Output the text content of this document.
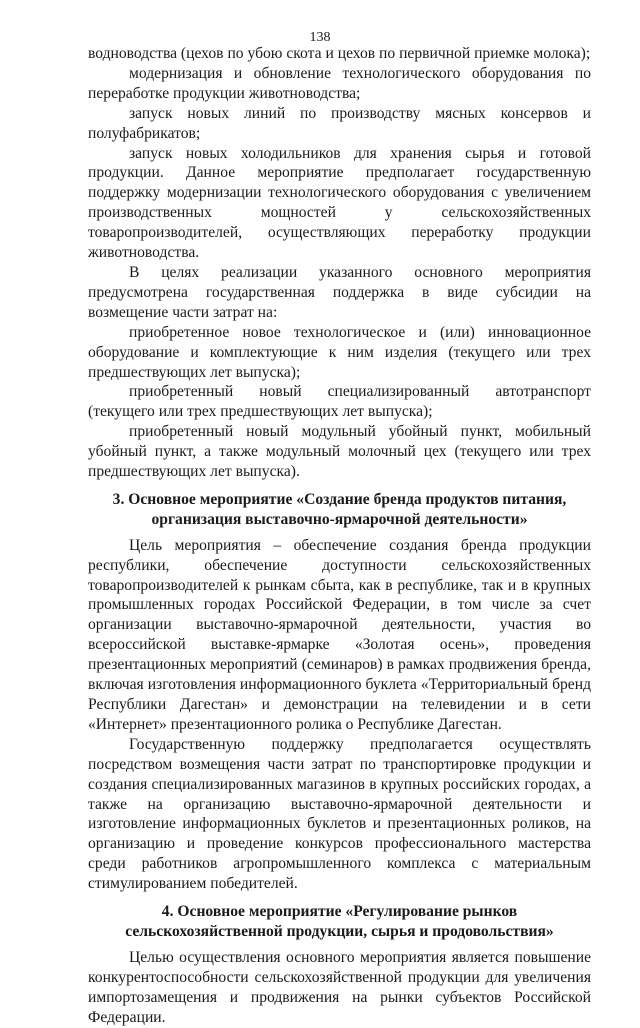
138

водноводства (цехов по убою скота и цехов по первичной приемке молока);

модернизация и обновление технологического оборудования по переработке продукции животноводства;

запуск новых линий по производству мясных консервов и полуфабрикатов;

запуск новых холодильников для хранения сырья и готовой продукции. Данное мероприятие предполагает государственную поддержку модернизации технологического оборудования с увеличением производственных мощностей у сельскохозяйственных товаропроизводителей, осуществляющих переработку продукции животноводства.

В целях реализации указанного основного мероприятия предусмотрена государственная поддержка в виде субсидии на возмещение части затрат на:

приобретенное новое технологическое и (или) инновационное оборудование и комплектующие к ним изделия (текущего или трех предшествующих лет выпуска);

приобретенный новый специализированный автотранспорт (текущего или трех предшествующих лет выпуска);

приобретенный новый модульный убойный пункт, мобильный убойный пункт, а также модульный молочный цех (текущего или трех предшествующих лет выпуска).

3. Основное мероприятие «Создание бренда продуктов питания,
организация выставочно-ярмарочной деятельности»

Цель мероприятия – обеспечение создания бренда продукции республики, обеспечение доступности сельскохозяйственных товаропроизводителей к рынкам сбыта, как в республике, так и в крупных промышленных городах Российской Федерации, в том числе за счет организации выставочно-ярмарочной деятельности, участия во всероссийской выставке-ярмарке «Золотая осень», проведения презентационных мероприятий (семинаров) в рамках продвижения бренда, включая изготовления информационного буклета «Территориальный бренд Республики Дагестан» и демонстрации на телевидении и в сети «Интернет» презентационного ролика о Республике Дагестан.

Государственную поддержку предполагается осуществлять посредством возмещения части затрат по транспортировке продукции и создания специализированных магазинов в крупных российских городах, а также на организацию выставочно-ярмарочной деятельности и изготовление информационных буклетов и презентационных роликов, на организацию и проведение конкурсов профессионального мастерства среди работников агропромышленного комплекса с материальным стимулированием победителей.

4. Основное мероприятие «Регулирование рынков
сельскохозяйственной продукции, сырья и продовольствия»

Целью осуществления основного мероприятия является повышение конкурентоспособности сельскохозяйственной продукции для увеличения импортозамещения и продвижения на рынки субъектов Российской Федерации.
